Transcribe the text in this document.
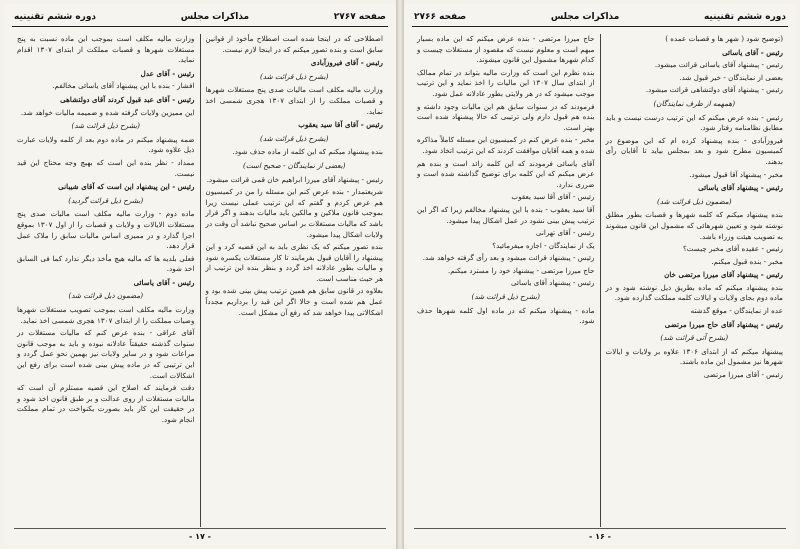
صفحه ۲۷۶۷
مذاکرات مجلس
دوره ششم تقنینیه

اصطلاحی که در اینجا شده است اصطلاح مأخوذ از قوانین سابق است و بنده تصور میکنم که در اینجا لازم نیست.

رئیس - آقای فیروزآبادی

(بشرح ذیل قرائت شد)

وزارت مالیه مکلف است مالیات صدی پنج مستغلات شهرها و قصبات مملکت را از ابتدای ۱۳۰۷ هجری شمسی اخذ نماید.

رئیس - آقای آقا سید یعقوب

(بشرح ذیل قرائت شد)

بنده پیشنهاد میکنم که این کلمه از ماده حذف شود.

(بعضی از نمایندگان - صحیح است)

رئیس - پیشنهاد آقای میرزا ابراهیم خان قمی قرائت میشود.

شریعتمدار - بنده عرض کنم این مسئله را من در کمیسیون هم عرض کردم و گفتم که این ترتیب عملی نیست زیرا بموجب قانون ملاکین و مالکین باید مالیات بدهند و اگر قرار باشد که مالیات مستغلات بر اساس صحیح نباشد آن وقت در ولایات اشکال پیدا میشود.

بنده تصور میکنم که یک نظری باید به این قضیه کرد و این پیشنهاد را آقایان قبول بفرمایند تا کار مستغلات یکسره شود و مالیات بطور عادلانه اخذ گردد و بنظر بنده این ترتیب از هر حیث مناسب است.

بعلاوه در قانون سابق هم همین ترتیب پیش بینی شده بود و عمل هم شده است و حالا اگر این قید را برداریم مجدداً اشکالاتی پیدا خواهد شد که رفع آن مشکل است.

وزارت مالیه مکلف است بموجب این ماده نسبت به پنج مستغلات شهرها و قصبات مملکت از ابتدای ۱۳۰۷ اقدام نماید.

رئیس - آقای عدل

افشار - بنده با این پیشنهاد آقای یاسائی مخالفم.

رئیس - آقای عبد قبول کردند آقای دولتشاهی

این ممیزین ولایات گرفته شده و ضمیمه مالیات خواهد شد.

(بشرح ذیل قرائت شد)

ضمه پیشنهاد میکنم در ماده دوم بعد از کلمه ولایات عبارت ذیل علاوه شود.

ممداد - نظر بنده این است که بهیچ وجه محتاج این قید نیست.

رئیس - این پیشنهاد این است که آقای شیبانی

(بشرح ذیل قرائت گردید)

ماده دوم - وزارت مالیه مکلف است مالیات صدی پنج مستغلات الایالات و ولایات و قصبات را از اول ۱۳۰۷ بموقع اجرا گذارد و در ممیزی اساس مالیات سابق را ملاک عمل قرار دهد.

فعلی بلدیه ها که مالیه هیچ مأخذ دیگر ندارد کما فی السابق اخذ شود.

رئیس - آقای یاسائی

(مضمون ذیل قرائت شد)

وزارت مالیه مکلف است بموجب تصویب مستغلات شهرها وصیات مملکت را از ابتدای ۱۳۰۷ هجری شمسی اخذ نماید.

آقای عراقی - بنده عرض کنم که مالیات مستغلات در سنوات گذشته حقیقتاً عادلانه نبوده و باید به موجب قانون مراعات شود و در سایر ولایات نیز بهمین نحو عمل گردد و این ترتیبی که در ماده پیش بینی شده است برای رفع این اشکالات است.

دقت فرمایند که اصلاح این قضیه مستلزم آن است که مالیات مستغلات از روی عدالت و بر طبق قانون اخذ شود و در حقیقت این کار باید بصورت یکنواخت در تمام مملکت انجام شود.

- ۱۷ -
دوره ششم تقنینیه
مذاکرات مجلس
صفحه ۲۷۶۶

(توضیح شود ( شهر ها و قصبات عمده )

رئیس - آقای یاسائی

رئیس - پیشنهاد آقای یاسائی قرائت میشود.

بعضی از نمایندگان - خیر قبول شد.

رئیس - پیشنهاد آقای دولتشاهی قرائت میشود.

(همهمه از طرف نمایندگان)

رئیس - بنده عرض میکنم که این ترتیب درست نیست و باید مطابق نظامنامه رفتار شود.

فیروزآبادی - بنده پیشنهاد کرده ام که این موضوع در کمیسیون مطرح شود و بعد بمجلس بیاید تا آقایان رأی بدهند.

مخبر - پیشنهاد آقا قبول میشود.

رئیس - پیشنهاد آقای یاسائی

(مضمون ذیل قرائت شد)

بنده پیشنهاد میکنم که کلمه شهرها و قصبات بطور مطلق نوشته شود و تعیین شهرهائی که مشمول این قانون میشوند به تصویب هیئت وزراء باشد.

رئیس - عقیده آقای مخبر چیست؟

مخبر - بنده قبول میکنم.

رئیس - پیشنهاد آقای میرزا مرتضی خان

بنده پیشنهاد میکنم که ماده بطریق ذیل نوشته شود و در ماده دوم بجای ولایات و ایالات کلمه مملکت گذارده شود.

عده از نمایندگان - موقع گذشته

رئیس - پیشنهاد آقای حاج میرزا مرتضی

(بشرح آتی قرائت شد)

پیشنهاد میکنم که از ابتدای ۱۳۰۶ علاوه بر ولایات و ایالات شهرها نیز مشمول این ماده باشند.

رئیس - آقای میرزا مرتضی

حاج میرزا مرتضی - بنده عرض میکنم که این ماده بسیار مبهم است و معلوم نیست که مقصود از مستغلات چیست و کدام شهرها مشمول این قانون میشوند.

بنده نظرم این است که وزارت مالیه بتواند در تمام ممالک از ابتدای سال ۱۳۰۷ این مالیات را اخذ نماید و این ترتیب موجب میشود که در هر ولایتی بطور عادلانه عمل شود.

فرمودند که در سنوات سابق هم این مالیات وجود داشته و بنده هم قبول دارم ولی ترتیبی که حالا پیشنهاد شده است بهتر است.

مخبر - بنده عرض کنم در کمیسیون این مسئله کاملاً مذاکره شده و همه آقایان موافقت کردند که این ترتیب اتخاذ شود.

آقای یاسائی فرمودند که این کلمه زائد است و بنده هم عرض میکنم که این کلمه برای توضیح گذاشته شده است و ضرری ندارد.

رئیس - آقای آقا سید یعقوب

آقا سید یعقوب - بنده با این پیشنهاد مخالفم زیرا که اگر این ترتیب پیش بینی نشود در عمل اشکال پیدا میشود.

رئیس - آقای تهرانی

یک از نمایندگان - اجازه میفرمائید؟

رئیس - پیشنهاد قرائت میشود و بعد رأی گرفته خواهد شد.

حاج میرزا مرتضی - پیشنهاد خود را مسترد میکنم.

رئیس - پیشنهاد آقای یاسائی

(بشرح ذیل قرائت شد)

ماده - پیشنهاد میکنم که در ماده اول کلمه شهرها حذف شود.

- ۱۶ -
